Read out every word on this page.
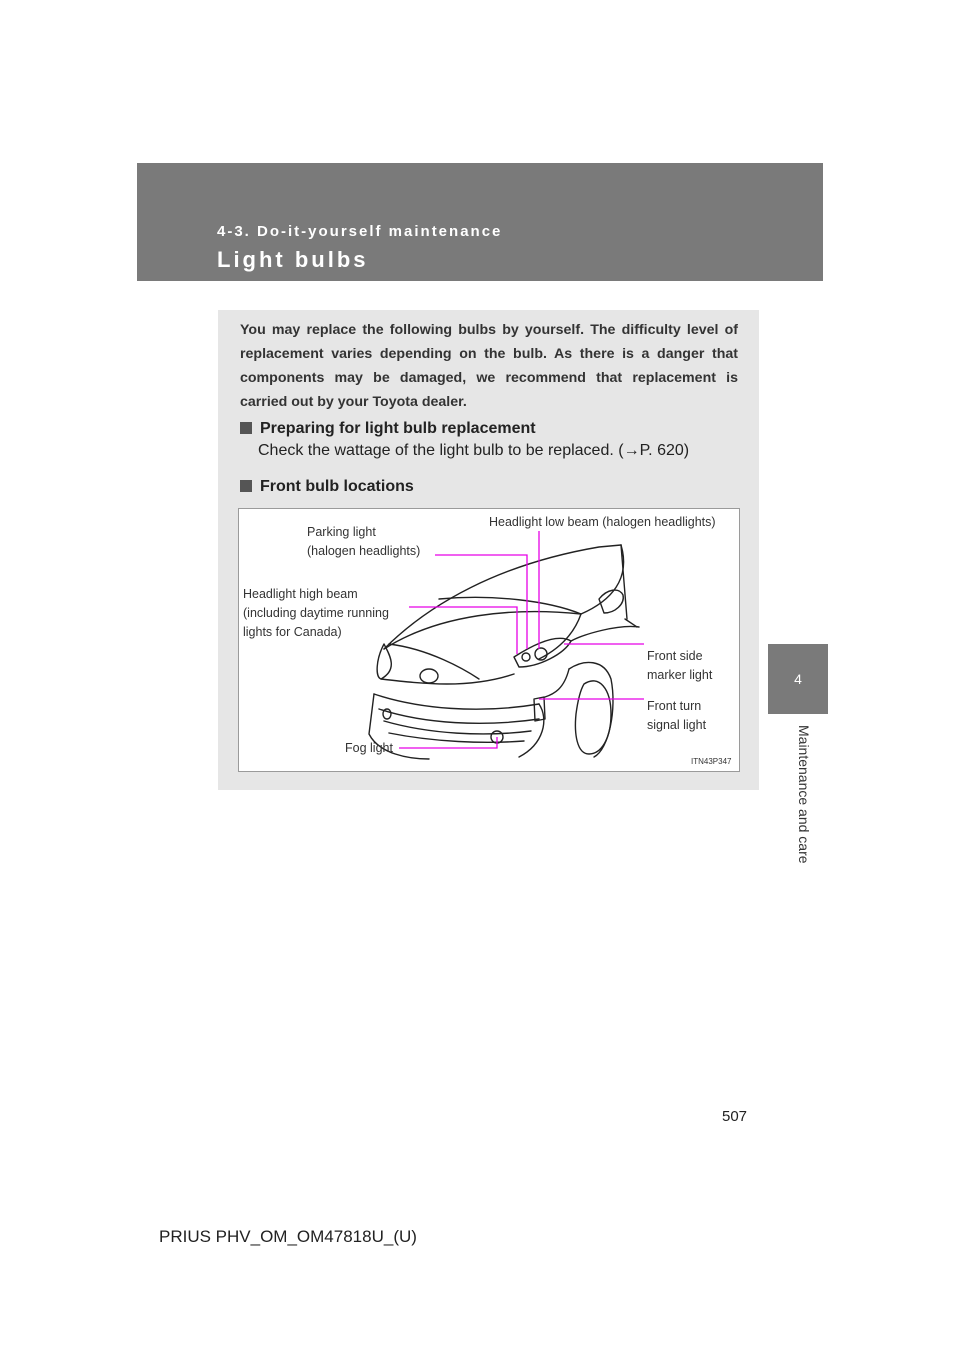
4-3. Do-it-yourself maintenance

Light bulbs

4
Maintenance and care

You may replace the following bulbs by yourself. The difficulty level of replacement varies depending on the bulb. As there is a danger that components may be damaged, we recommend that replacement is carried out by your Toyota dealer.

Preparing for light bulb replacement

Check the wattage of the light bulb to be replaced. (→P. 620)

Front bulb locations

Parking light
(halogen headlights)
Headlight low beam (halogen headlights)
Headlight high beam
(including daytime running
lights for Canada)
Front side
marker light
Front turn
signal light
Fog light
ITN43P347
507
PRIUS PHV_OM_OM47818U_(U)
